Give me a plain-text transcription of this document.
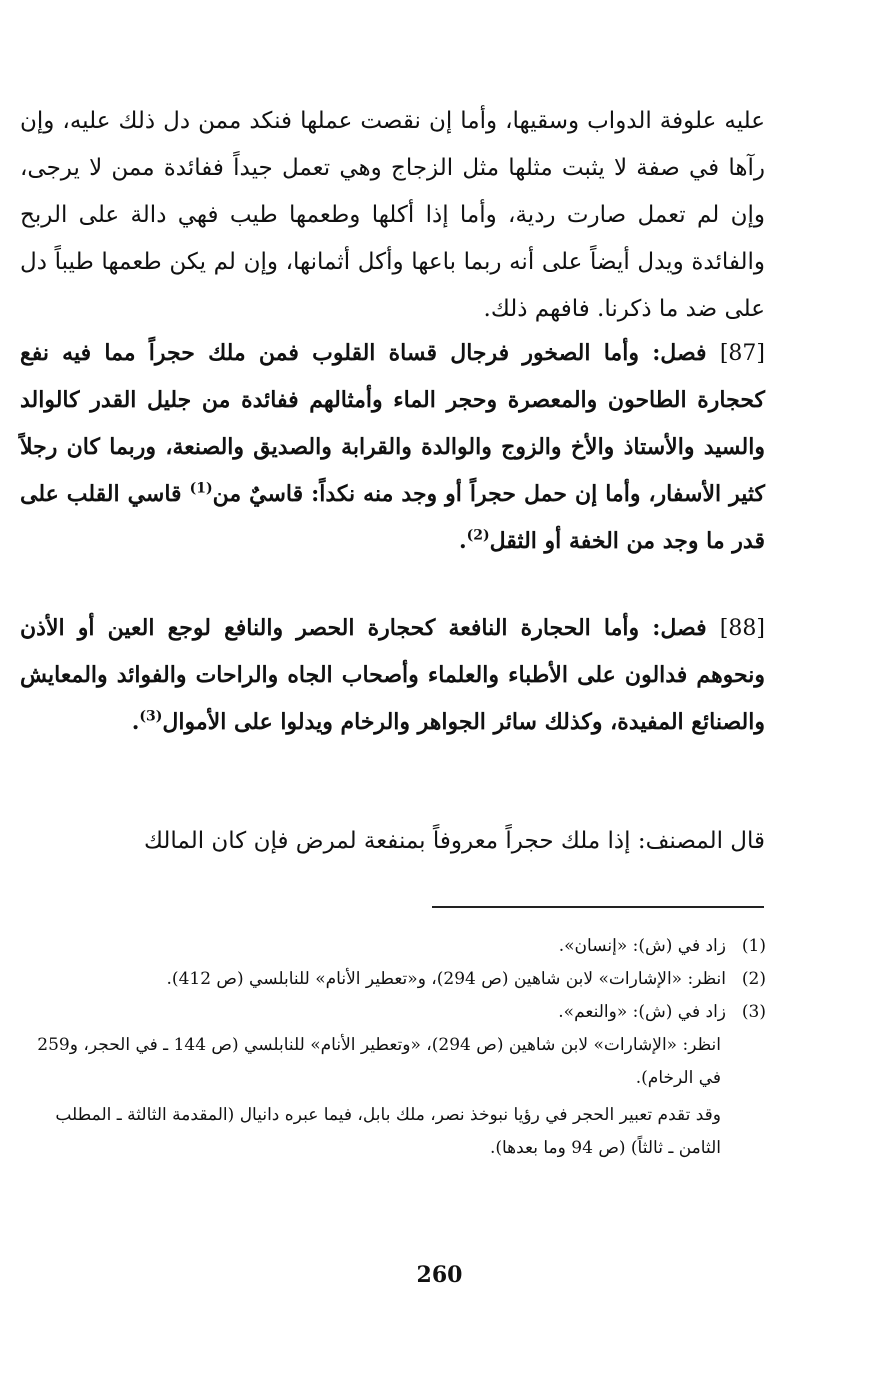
عليه علوفة الدواب وسقيها، وأما إن نقصت عملها فنكد ممن دل ذلك عليه، وإن رآها في صفة لا يثبت مثلها مثل الزجاج وهي تعمل جيداً ففائدة ممن لا يرجى، وإن لم تعمل صارت ردية، وأما إذا أكلها وطعمها طيب فهي دالة على الربح والفائدة ويدل أيضاً على أنه ربما باعها وأكل أثمانها، وإن لم يكن طعمها طيباً دل على ضد ما ذكرنا. فافهم ذلك.

[87] فصل: وأما الصخور فرجال قساة القلوب فمن ملك حجراً مما فيه نفع كحجارة الطاحون والمعصرة وحجر الماء وأمثالهم ففائدة من جليل القدر كالوالد والسيد والأستاذ والأخ والزوج والوالدة والقرابة والصديق والصنعة، وربما كان رجلاً كثير الأسفار، وأما إن حمل حجراً أو وجد منه نكداً: قاسيٌ من$^{(1)}$ قاسي القلب على قدر ما وجد من الخفة أو الثقل$^{(2)}$.

[88] فصل: وأما الحجارة النافعة كحجارة الحصر والنافع لوجع العين أو الأذن ونحوهم فدالون على الأطباء والعلماء وأصحاب الجاه والراحات والفوائد والمعايش والصنائع المفيدة، وكذلك سائر الجواهر والرخام ويدلوا على الأموال$^{(3)}$.

قال المصنف: إذا ملك حجراً معروفاً بمنفعة لمرض فإن كان المالك

(1)زاد في (ش): «إنسان».

(2)انظر: «الإشارات» لابن شاهين (ص 294)، و«تعطير الأنام» للنابلسي (ص 412).

(3)زاد في (ش): «والنعم».

انظر: «الإشارات» لابن شاهين (ص 294)، «وتعطير الأنام» للنابلسي (ص 144 ـ في الحجر، و259 في الرخام).

وقد تقدم تعبير الحجر في رؤيا نبوخذ نصر، ملك بابل، فيما عبره دانيال (المقدمة الثالثة ـ المطلب الثامن ـ ثالثاً) (ص 94 وما بعدها).

260
